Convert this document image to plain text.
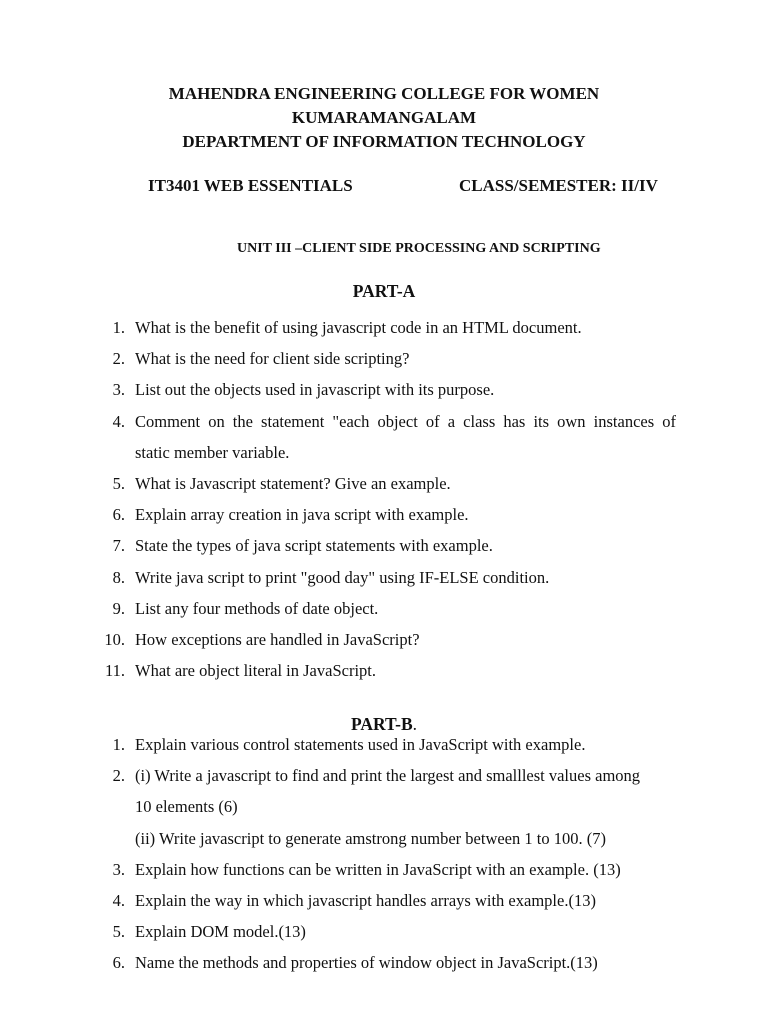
MAHENDRA ENGINEERING COLLEGE FOR WOMEN
KUMARAMANGALAM
DEPARTMENT OF INFORMATION TECHNOLOGY
IT3401 WEB ESSENTIALS	CLASS/SEMESTER: II/IV
UNIT III –CLIENT SIDE PROCESSING AND SCRIPTING
PART-A
1. What is the benefit of using javascript code in an HTML document.
2. What is the need for client side scripting?
3. List out the objects used in javascript with its purpose.
4. Comment on the statement "each object of a class has its own instances of
static member variable.
5. What is Javascript statement? Give an example.
6. Explain array creation in java script with example.
7. State the types of java script statements with example.
8. Write java script to print "good day" using IF-ELSE condition.
9. List any four methods of date object.
10. How exceptions are handled in JavaScript?
11. What are object literal in JavaScript.
PART-B.
1. Explain various control statements used in JavaScript with example.
2. (i) Write a javascript to find and print the largest and smalllest values among
10 elements (6)
(ii) Write javascript to generate amstrong number between 1 to 100. (7)
3. Explain how functions can be written in JavaScript with an example. (13)
4. Explain the way in which javascript handles arrays with example.(13)
5. Explain DOM model.(13)
6. Name the methods and properties of window object in JavaScript.(13)
